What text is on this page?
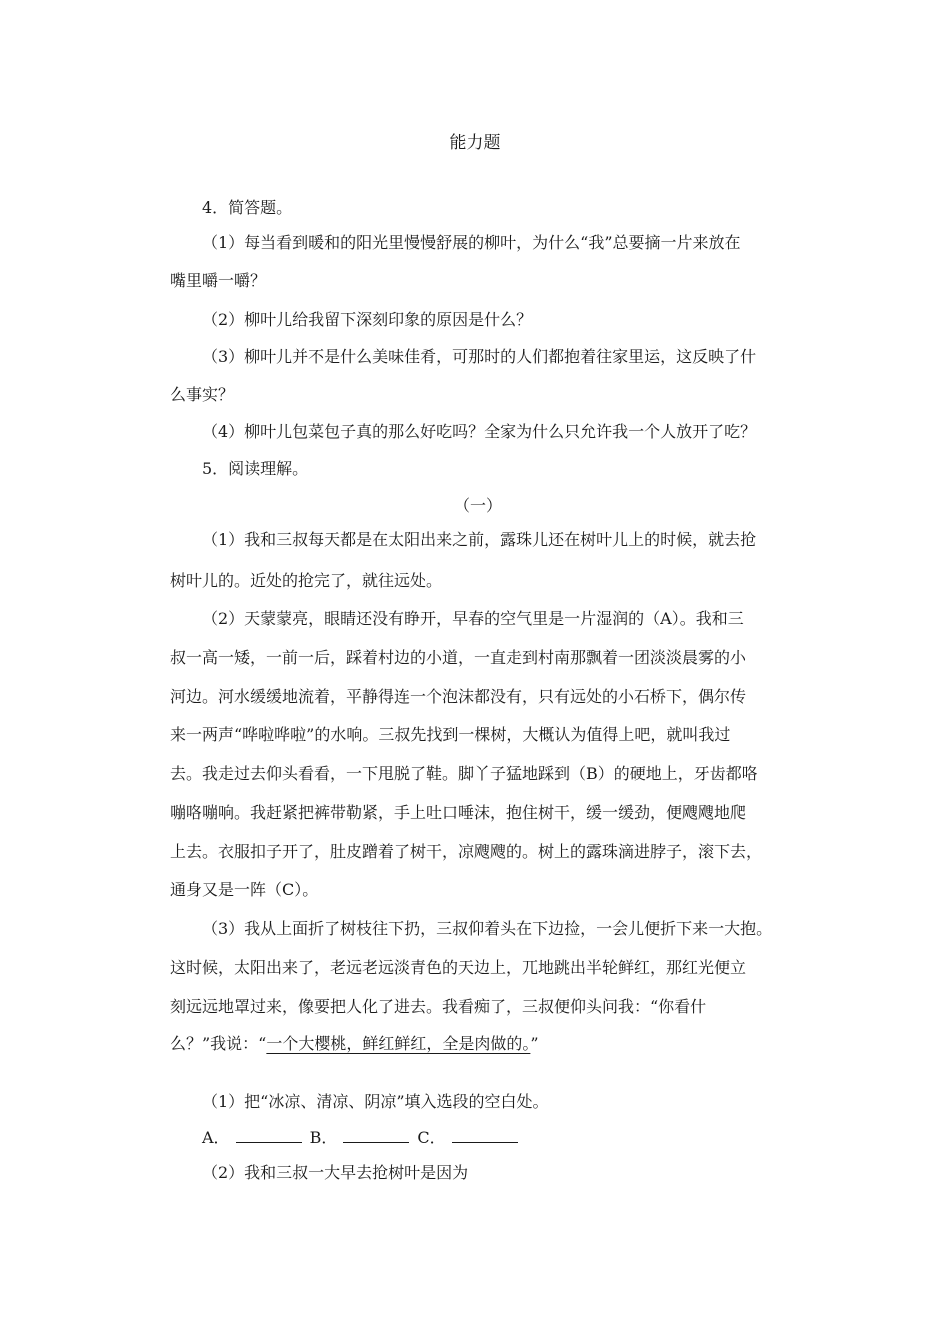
能力题
4．简答题。
（1）每当看到暖和的阳光里慢慢舒展的柳叶，为什么“我”总要摘一片来放在
嘴里嚼一嚼？
（2）柳叶儿给我留下深刻印象的原因是什么？
（3）柳叶儿并不是什么美味佳肴，可那时的人们都抱着往家里运，这反映了什
么事实？
（4）柳叶儿包菜包子真的那么好吃吗？全家为什么只允许我一个人放开了吃？
5．阅读理解。
（一）
（1）我和三叔每天都是在太阳出来之前，露珠儿还在树叶儿上的时候，就去抢
树叶儿的。近处的抢完了，就往远处。
（2）天蒙蒙亮，眼睛还没有睁开，早春的空气里是一片湿润的（A）。我和三
叔一高一矮，一前一后，踩着村边的小道，一直走到村南那飘着一团淡淡晨雾的小
河边。河水缓缓地流着，平静得连一个泡沫都没有，只有远处的小石桥下，偶尔传
来一两声“哗啦哗啦”的水响。三叔先找到一棵树，大概认为值得上吧，就叫我过
去。我走过去仰头看看，一下甩脱了鞋。脚丫子猛地踩到（B）的硬地上，牙齿都咯
嘣咯嘣响。我赶紧把裤带勒紧，手上吐口唾沫，抱住树干，缓一缓劲，便飕飕地爬
上去。衣服扣子开了，肚皮蹭着了树干，凉飕飕的。树上的露珠滴进脖子，滚下去，
通身又是一阵（C）。
（3）我从上面折了树枝往下扔，三叔仰着头在下边捡，一会儿便折下来一大抱。
这时候，太阳出来了，老远老远淡青色的天边上，兀地跳出半轮鲜红，那红光便立
刻远远地罩过来，像要把人化了进去。我看痴了，三叔便仰头问我：“你看什
么？”我说：“一个大樱桃，鲜红鲜红，全是肉做的。”
（1）把“冰凉、清凉、阴凉”填入选段的空白处。
A．	B．	C．
（2）我和三叔一大早去抢树叶是因为
